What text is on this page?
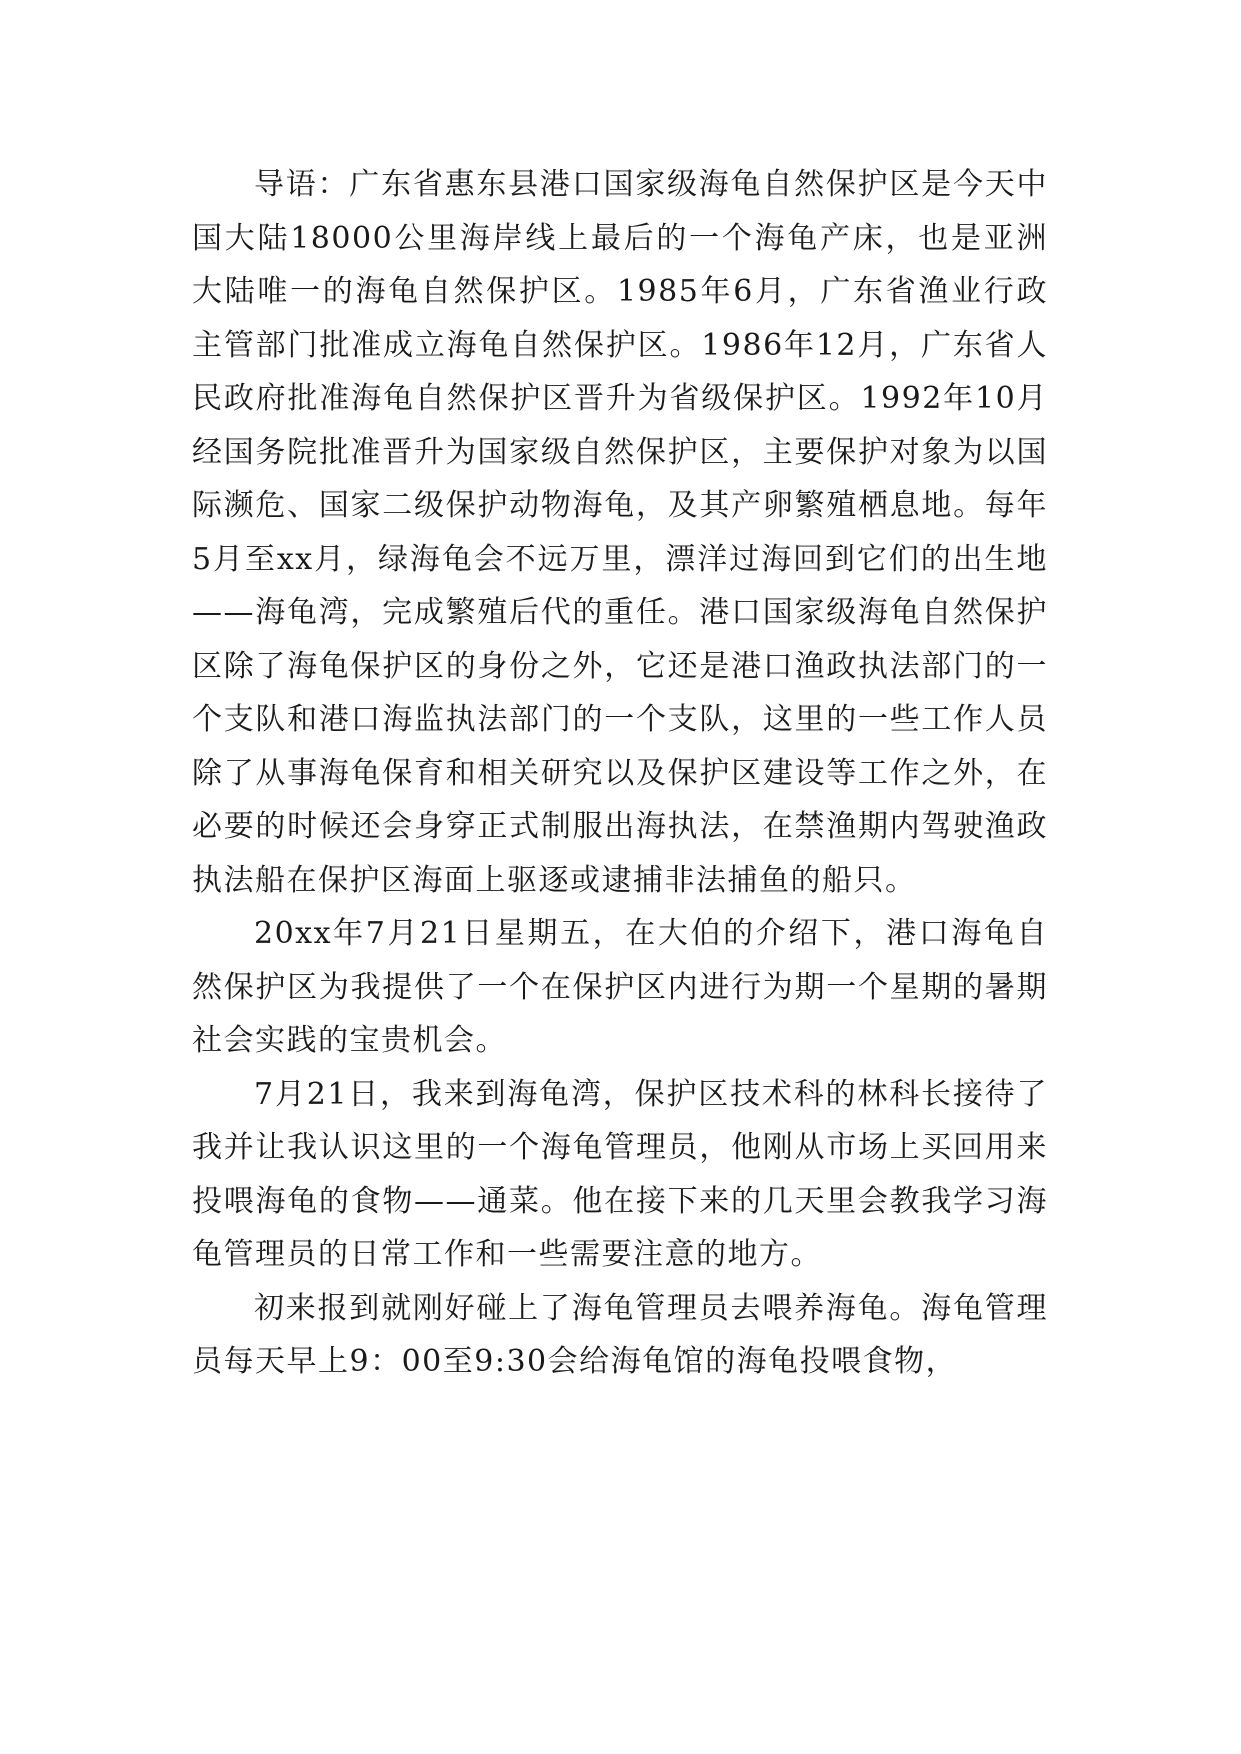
导语：广东省惠东县港口国家级海龟自然保护区是今天中国大陆18000公里海岸线上最后的一个海龟产床，也是亚洲大陆唯一的海龟自然保护区。1985年6月，广东省渔业行政主管部门批准成立海龟自然保护区。1986年12月，广东省人民政府批准海龟自然保护区晋升为省级保护区。1992年10月经国务院批准晋升为国家级自然保护区，主要保护对象为以国际濒危、国家二级保护动物海龟，及其产卵繁殖栖息地。每年5月至xx月，绿海龟会不远万里，漂洋过海回到它们的出生地——海龟湾，完成繁殖后代的重任。港口国家级海龟自然保护区除了海龟保护区的身份之外，它还是港口渔政执法部门的一个支队和港口海监执法部门的一个支队，这里的一些工作人员除了从事海龟保育和相关研究以及保护区建设等工作之外，在必要的时候还会身穿正式制服出海执法，在禁渔期内驾驶渔政执法船在保护区海面上驱逐或逮捕非法捕鱼的船只。

20xx年7月21日星期五，在大伯的介绍下，港口海龟自然保护区为我提供了一个在保护区内进行为期一个星期的暑期社会实践的宝贵机会。

7月21日，我来到海龟湾，保护区技术科的林科长接待了我并让我认识这里的一个海龟管理员，他刚从市场上买回用来投喂海龟的食物——通菜。他在接下来的几天里会教我学习海龟管理员的日常工作和一些需要注意的地方。

初来报到就刚好碰上了海龟管理员去喂养海龟。海龟管理员每天早上9：00至9:30会给海龟馆的海龟投喂食物，
